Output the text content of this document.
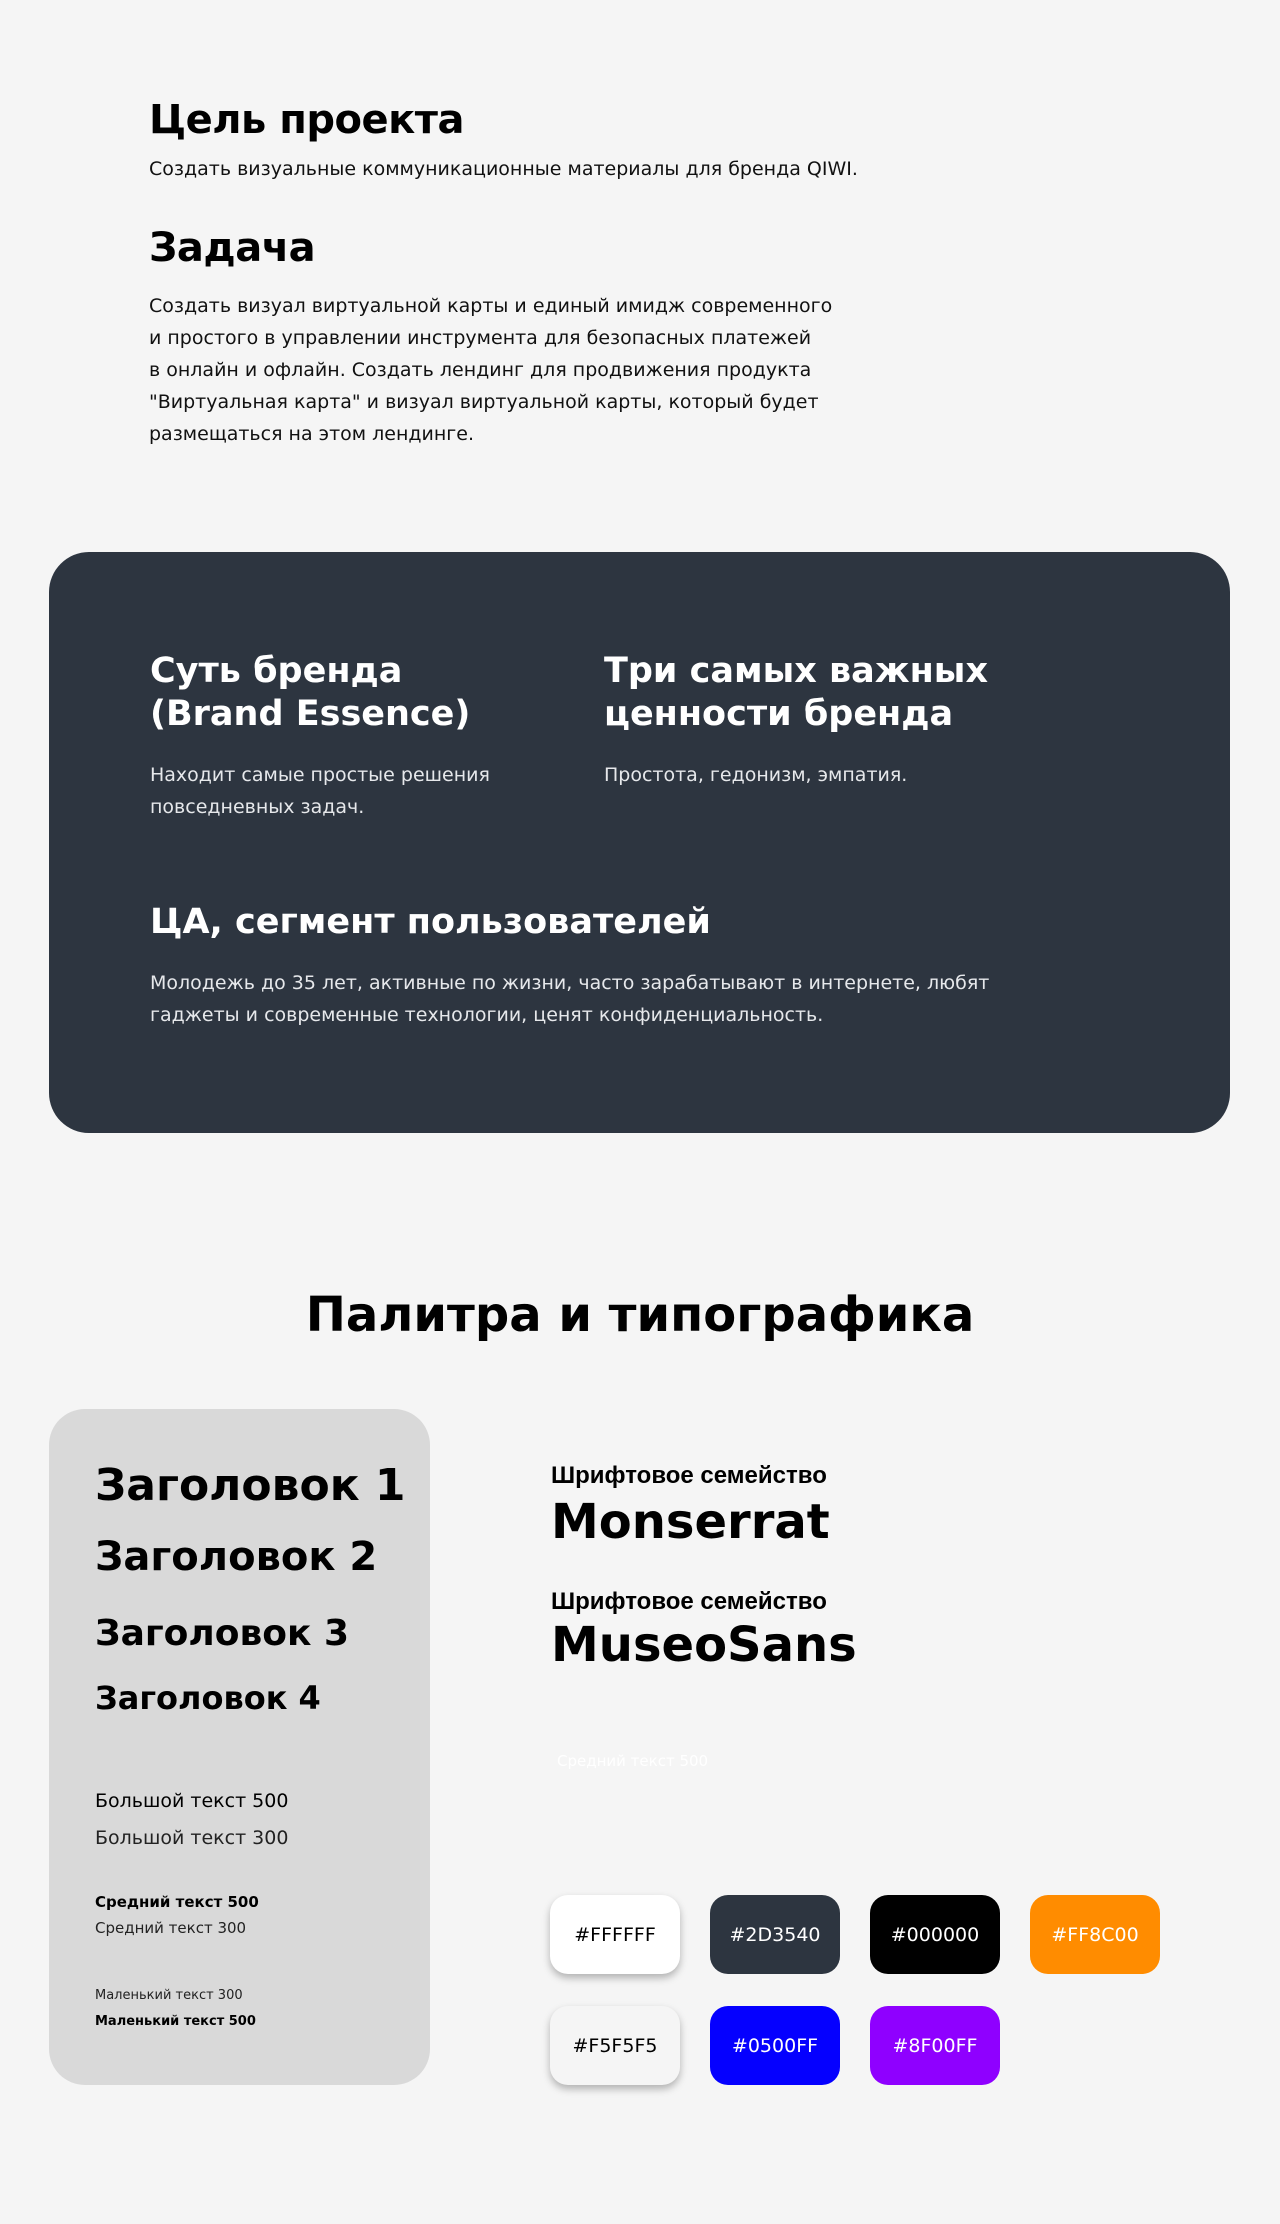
Цель проекта

Создать визуальные коммуникационные материалы для бренда QIWI.

Задача

Создать визуал виртуальной карты и единый имидж современного

и простого в управлении инструмента для безопасных платежей

в онлайн и офлайн. Создать лендинг для продвижения продукта

"Виртуальная карта" и визуал виртуальной карты, который будет

размещаться на этом лендинге.

Суть бренда
(Brand Essence)

Находит самые простые решения
повседневных задач.

Три самых важных
ценности бренда

Простота, гедонизм, эмпатия.

ЦА, сегмент пользователей

Молодежь до 35 лет, активные по жизни, часто зарабатывают в интернете, любят
гаджеты и современные технологии, ценят конфиденциальность.

Палитра и типографика

Заголовок 1

Заголовок 2

Заголовок 3

Заголовок 4

Большой текст 500

Большой текст 300

Средний текст 500

Средний текст 300

Маленький текст 300

Маленький текст 500

Шрифтовое семейство

Monserrat

Шрифтовое семейство

MuseoSans

Средний текст 500

#FFFFFF	#2D3540	#000000	#FF8C00
#F5F5F5	#0500FF	#8F00FF
